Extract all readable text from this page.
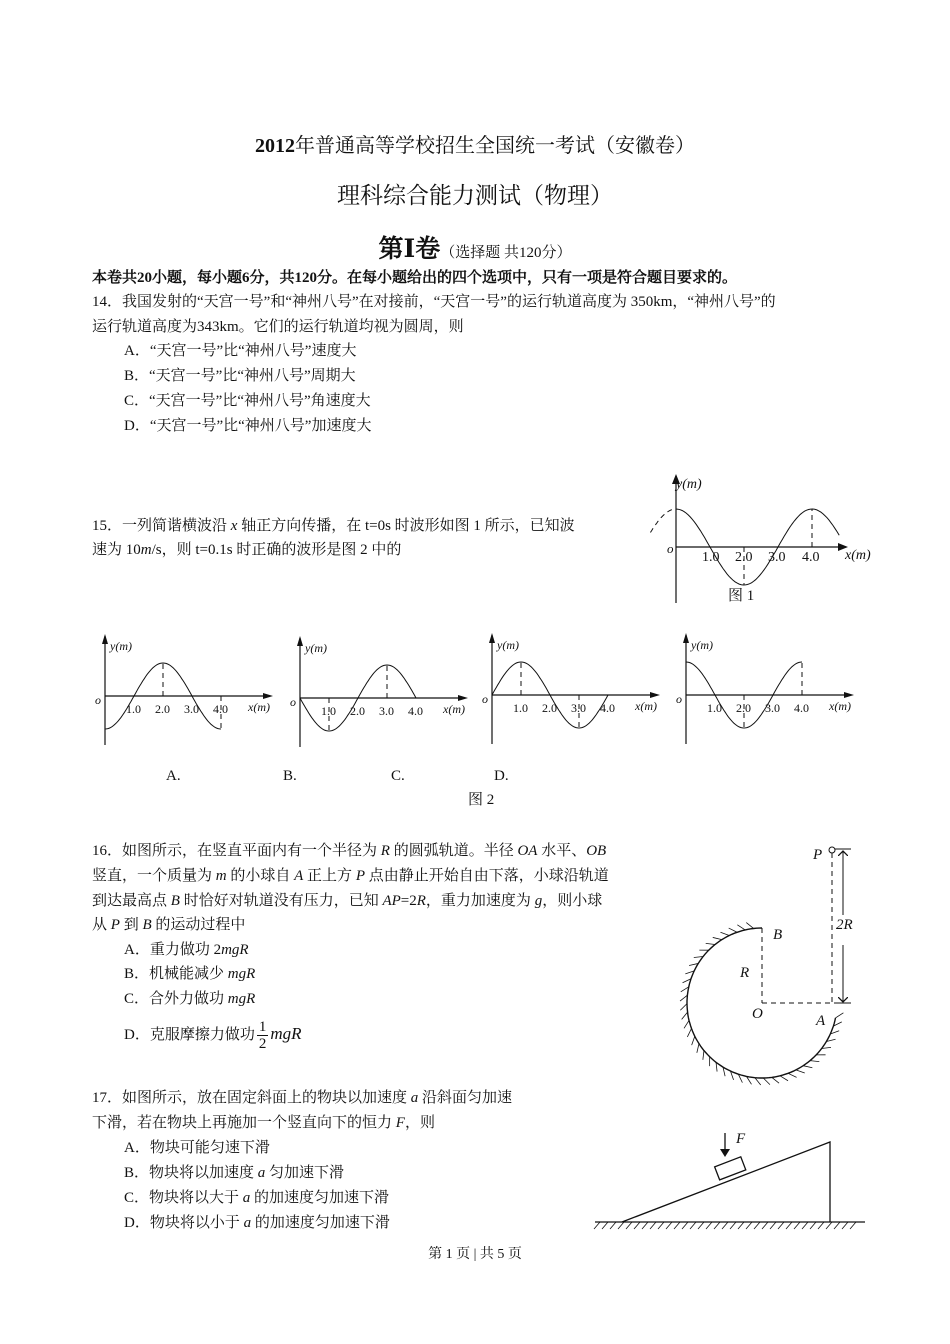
2012年普通高等学校招生全国统一考试（安徽卷）
理科综合能力测试（物理）
第Ⅰ卷（选择题 共120分）
本卷共20小题，每小题6分，共120分。在每小题给出的四个选项中，只有一项是符合题目要求的。
14．我国发射的“天宫一号”和“神州八号”在对接前，“天宫一号”的运行轨道高度为 350km，“神州八号”的
运行轨道高度为343km。它们的运行轨道均视为圆周，则
A．“天宫一号”比“神州八号”速度大
B．“天宫一号”比“神州八号”周期大
C．“天宫一号”比“神州八号”角速度大
D．“天宫一号”比“神州八号”加速度大
15．一列简谐横波沿 x 轴正方向传播，在 t=0s 时波形如图 1 所示，已知波
速为 10m/s，则 t=0.1s 时正确的波形是图 2 中的
y(m)
x(m)
o
1.0 2.0 3.0 4.0
图 1
y(m)
x(m)
o
1.0 2.0 3.0 4.0
y(m)
x(m)
o
1.0 2.0 3.0 4.0
y(m)
x(m)
o
1.0 2.0 3.0 4.0
y(m)
x(m)
o
1.0 2.0 3.0 4.0
A.	B.	C.	D.
图 2
16．如图所示，在竖直平面内有一个半径为 R 的圆弧轨道。半径 OA 水平、OB
竖直，一个质量为 m 的小球自 A 正上方 P 点由静止开始自由下落，小球沿轨道
到达最高点 B 时恰好对轨道没有压力，已知 AP=2R，重力加速度为 g，则小球
从 P 到 B 的运动过程中
A．重力做功 2mgR
B．机械能减少 mgR
C．合外力做功 mgR
D．克服摩擦力做功 $\frac{1}{2}$ mgR
P
B
R
O	A
2R
17．如图所示，放在固定斜面上的物块以加速度 a 沿斜面匀加速
下滑，若在物块上再施加一个竖直向下的恒力 F，则
A．物块可能匀速下滑
B．物块将以加速度 a 匀加速下滑
C．物块将以大于 a 的加速度匀加速下滑
D．物块将以小于 a 的加速度匀加速下滑
F
第 1 页 | 共 5 页
